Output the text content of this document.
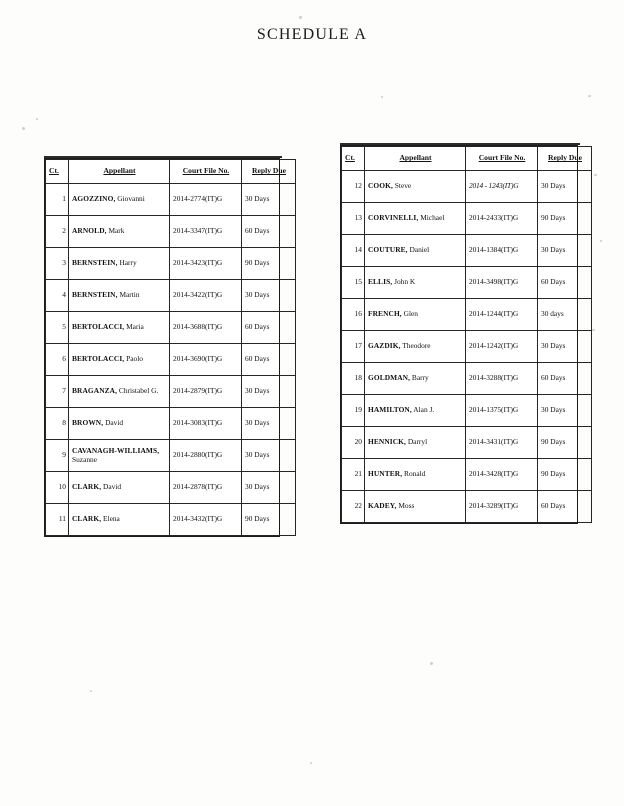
SCHEDULE A
Ct.	Appellant	Court File No.	Reply Due
1	AGOZZINO, Giovanni	2014-2774(IT)G	30 Days
2	ARNOLD, Mark	2014-3347(IT)G	60 Days
3	BERNSTEIN, Harry	2014-3423(IT)G	90 Days
4	BERNSTEIN, Martin	2014-3422(IT)G	30 Days
5	BERTOLACCI, Maria	2014-3688(IT)G	60 Days
6	BERTOLACCI, Paolo	2014-3690(IT)G	60 Days
7	BRAGANZA, Christabel G.	2014-2879(IT)G	30 Days
8	BROWN, David	2014-3083(IT)G	30 Days
9	CAVANAGH-WILLIAMS, Suzanne	2014-2880(IT)G	30 Days
10	CLARK, David	2014-2878(IT)G	30 Days
11	CLARK, Elena	2014-3432(IT)G	90 Days
Ct.	Appellant	Court File No.	Reply Due
12	COOK, Steve	2014 - 1243(IT)G	30 Days
13	CORVINELLI, Michael	2014-2433(IT)G	90 Days
14	COUTURE, Daniel	2014-1384(IT)G	30 Days
15	ELLIS, John K	2014-3498(IT)G	60 Days
16	FRENCH, Glen	2014-1244(IT)G	30 days
17	GAZDIK, Theodore	2014-1242(IT)G	30 Days
18	GOLDMAN, Barry	2014-3288(IT)G	60 Days
19	HAMILTON, Alan J.	2014-1375(IT)G	30 Days
20	HENNICK, Darryl	2014-3431(IT)G	90 Days
21	HUNTER, Ronald	2014-3428(IT)G	90 Days
22	KADEY, Moss	2014-3289(IT)G	60 Days
